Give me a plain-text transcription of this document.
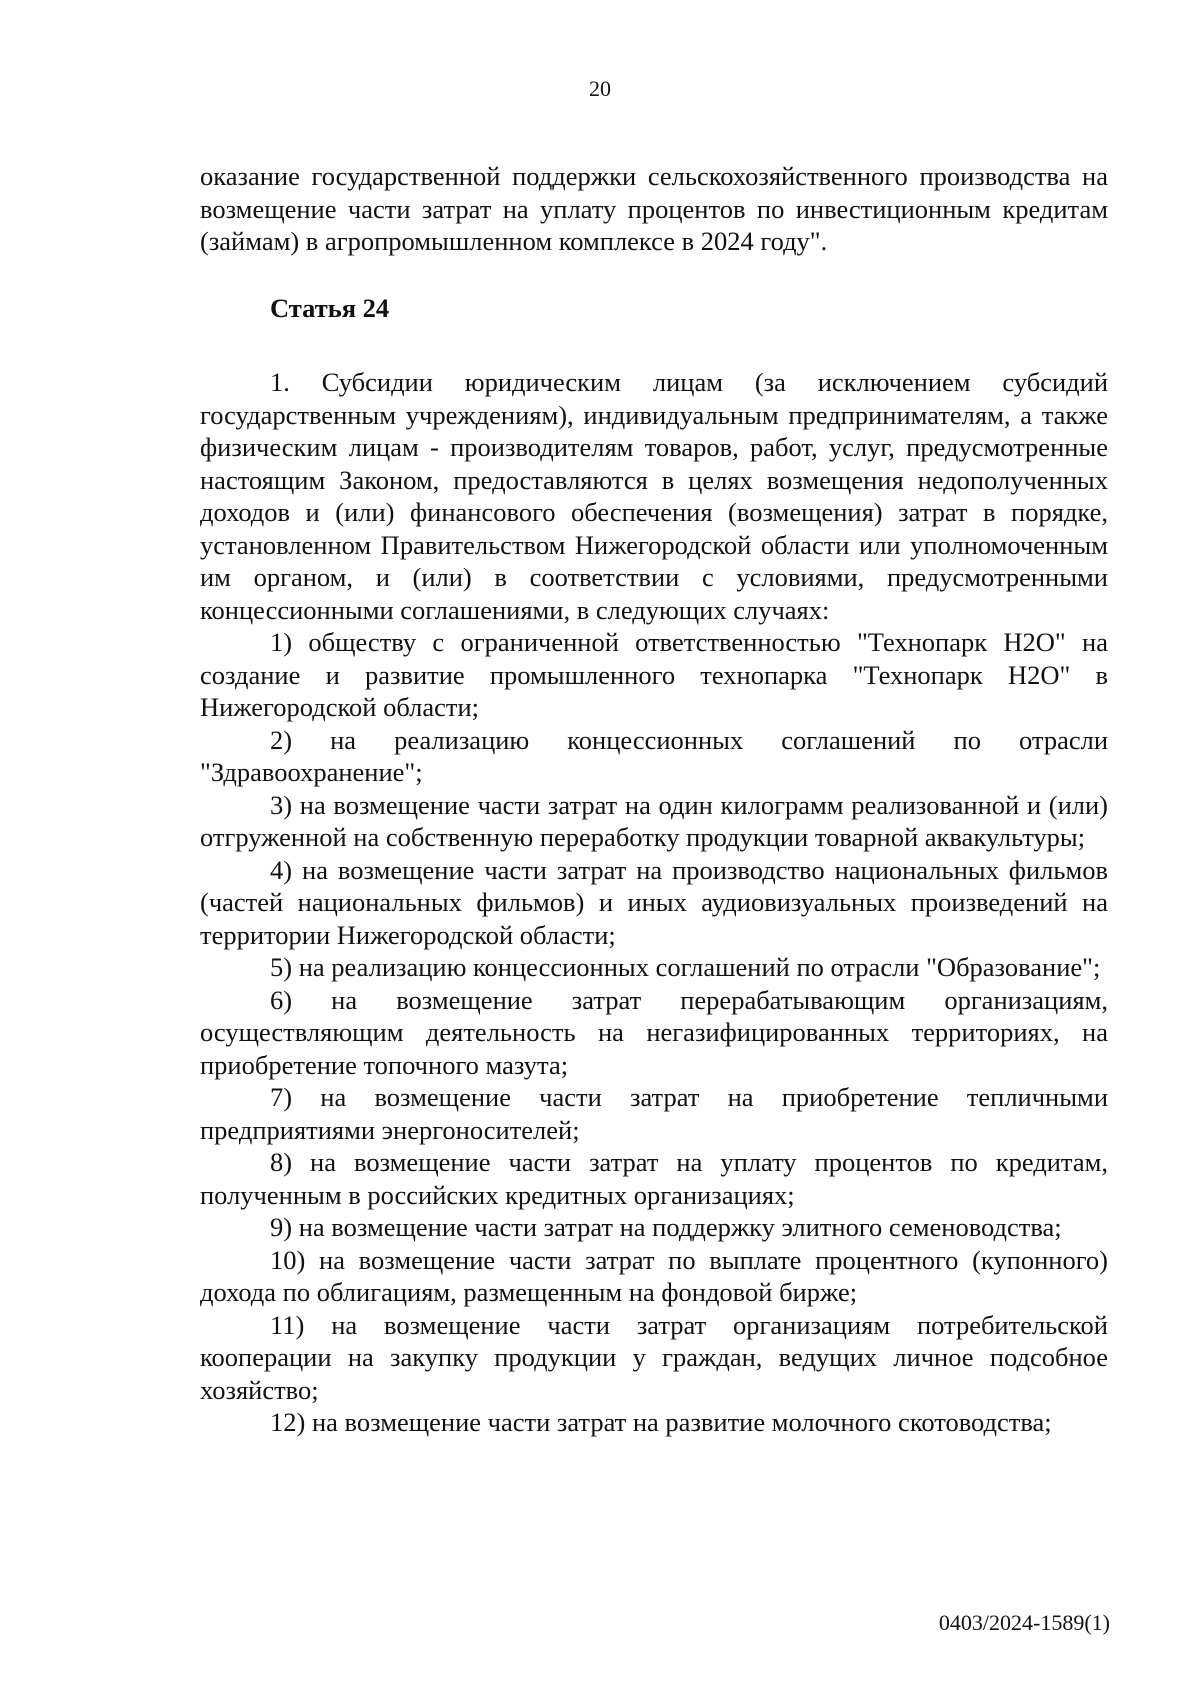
20

оказание государственной поддержки сельскохозяйственного производства на возмещение части затрат на уплату процентов по инвестиционным кредитам (займам) в агропромышленном комплексе в 2024 году".

Статья 24

1. Субсидии юридическим лицам (за исключением субсидий государственным учреждениям), индивидуальным предпринимателям, а также физическим лицам - производителям товаров, работ, услуг, предусмотренные настоящим Законом, предоставляются в целях возмещения недополученных доходов и (или) финансового обеспечения (возмещения) затрат в порядке, установленном Правительством Нижегородской области или уполномоченным им органом, и (или) в соответствии с условиями, предусмотренными концессионными соглашениями, в следующих случаях:

1) обществу с ограниченной ответственностью "Технопарк Н2О" на создание и развитие промышленного технопарка "Технопарк Н2О" в Нижегородской области;

2) на реализацию концессионных соглашений по отрасли "Здравоохранение";

3) на возмещение части затрат на один килограмм реализованной и (или) отгруженной на собственную переработку продукции товарной аквакультуры;

4) на возмещение части затрат на производство национальных фильмов (частей национальных фильмов) и иных аудиовизуальных произведений на территории Нижегородской области;

5) на реализацию концессионных соглашений по отрасли "Образование";

6) на возмещение затрат перерабатывающим организациям, осуществляющим деятельность на негазифицированных территориях, на приобретение топочного мазута;

7) на возмещение части затрат на приобретение тепличными предприятиями энергоносителей;

8) на возмещение части затрат на уплату процентов по кредитам, полученным в российских кредитных организациях;

9) на возмещение части затрат на поддержку элитного семеноводства;

10) на возмещение части затрат по выплате процентного (купонного) дохода по облигациям, размещенным на фондовой бирже;

11) на возмещение части затрат организациям потребительской кооперации на закупку продукции у граждан, ведущих личное подсобное хозяйство;

12) на возмещение части затрат на развитие молочного скотоводства;

0403/2024-1589(1)
